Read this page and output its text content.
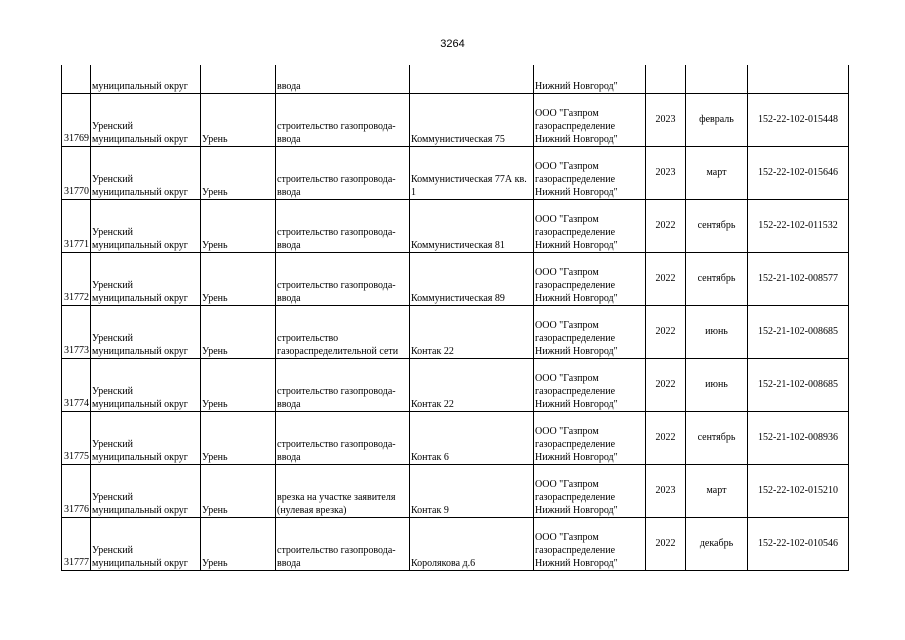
3264
	муниципальный округ		ввода		Нижний Новгород"			
31769	Уренский муниципальный округ	Урень	строительство газопровода-ввода	Коммунистическая 75	ООО "Газпром газораспределение Нижний Новгород"	2023	февраль	152-22-102-015448
31770	Уренский муниципальный округ	Урень	строительство газопровода-ввода	Коммунистическая 77А кв. 1	ООО "Газпром газораспределение Нижний Новгород"	2023	март	152-22-102-015646
31771	Уренский муниципальный округ	Урень	строительство газопровода-ввода	Коммунистическая 81	ООО "Газпром газораспределение Нижний Новгород"	2022	сентябрь	152-22-102-011532
31772	Уренский муниципальный округ	Урень	строительство газопровода-ввода	Коммунистическая 89	ООО "Газпром газораспределение Нижний Новгород"	2022	сентябрь	152-21-102-008577
31773	Уренский муниципальный округ	Урень	строительство газораспределительной сети	Контак 22	ООО "Газпром газораспределение Нижний Новгород"	2022	июнь	152-21-102-008685
31774	Уренский муниципальный округ	Урень	строительство газопровода-ввода	Контак 22	ООО "Газпром газораспределение Нижний Новгород"	2022	июнь	152-21-102-008685
31775	Уренский муниципальный округ	Урень	строительство газопровода-ввода	Контак 6	ООО "Газпром газораспределение Нижний Новгород"	2022	сентябрь	152-21-102-008936
31776	Уренский муниципальный округ	Урень	врезка на участке заявителя (нулевая врезка)	Контак 9	ООО "Газпром газораспределение Нижний Новгород"	2023	март	152-22-102-015210
31777	Уренский муниципальный округ	Урень	строительство газопровода-ввода	Королякова д.6	ООО "Газпром газораспределение Нижний Новгород"	2022	декабрь	152-22-102-010546
